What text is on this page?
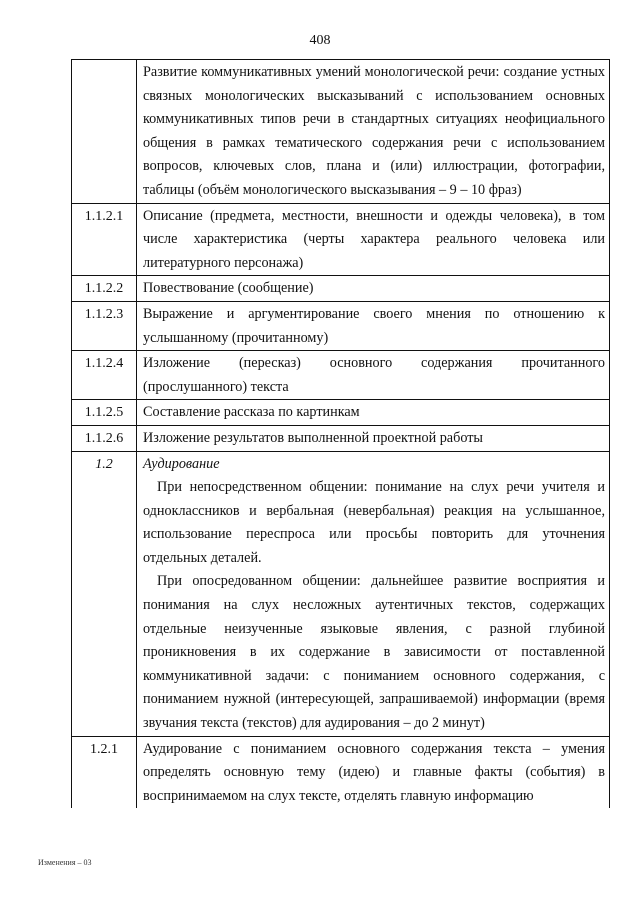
408

	Развитие коммуникативных умений монологической речи: создание устных связных монологических высказываний с использованием основных коммуникативных типов речи в стандартных ситуациях неофициального общения в рамках тематического содержания речи с использованием вопросов, ключевых слов, плана и (или) иллюстрации, фотографии, таблицы (объём монологического высказывания – 9 – 10 фраз)

1.1.2.1	Описание (предмета, местности, внешности и одежды человека), в том числе характеристика (черты характера реального человека или литературного персонажа)

1.1.2.2	Повествование (сообщение)

1.1.2.3	Выражение и аргументирование своего мнения по отношению к услышанному (прочитанному)

1.1.2.4	Изложение (пересказ) основного содержания прочитанного (прослушанного) текста

1.1.2.5	Составление рассказа по картинкам

1.1.2.6	Изложение результатов выполненной проектной работы

1.2	Аудирование

При непосредственном общении: понимание на слух речи учителя и одноклассников и вербальная (невербальная) реакция на услышанное, использование переспроса или просьбы повторить для уточнения отдельных деталей.

При опосредованном общении: дальнейшее развитие восприятия и понимания на слух несложных аутентичных текстов, содержащих отдельные неизученные языковые явления, с разной глубиной проникновения в их содержание в зависимости от поставленной коммуникативной задачи: с пониманием основного содержания, с пониманием нужной (интересующей, запрашиваемой) информации (время звучания текста (текстов) для аудирования – до 2 минут)

1.2.1	Аудирование с пониманием основного содержания текста – умения определять основную тему (идею) и главные факты (события) в воспринимаемом на слух тексте, отделять главную информацию

Изменения – 03
